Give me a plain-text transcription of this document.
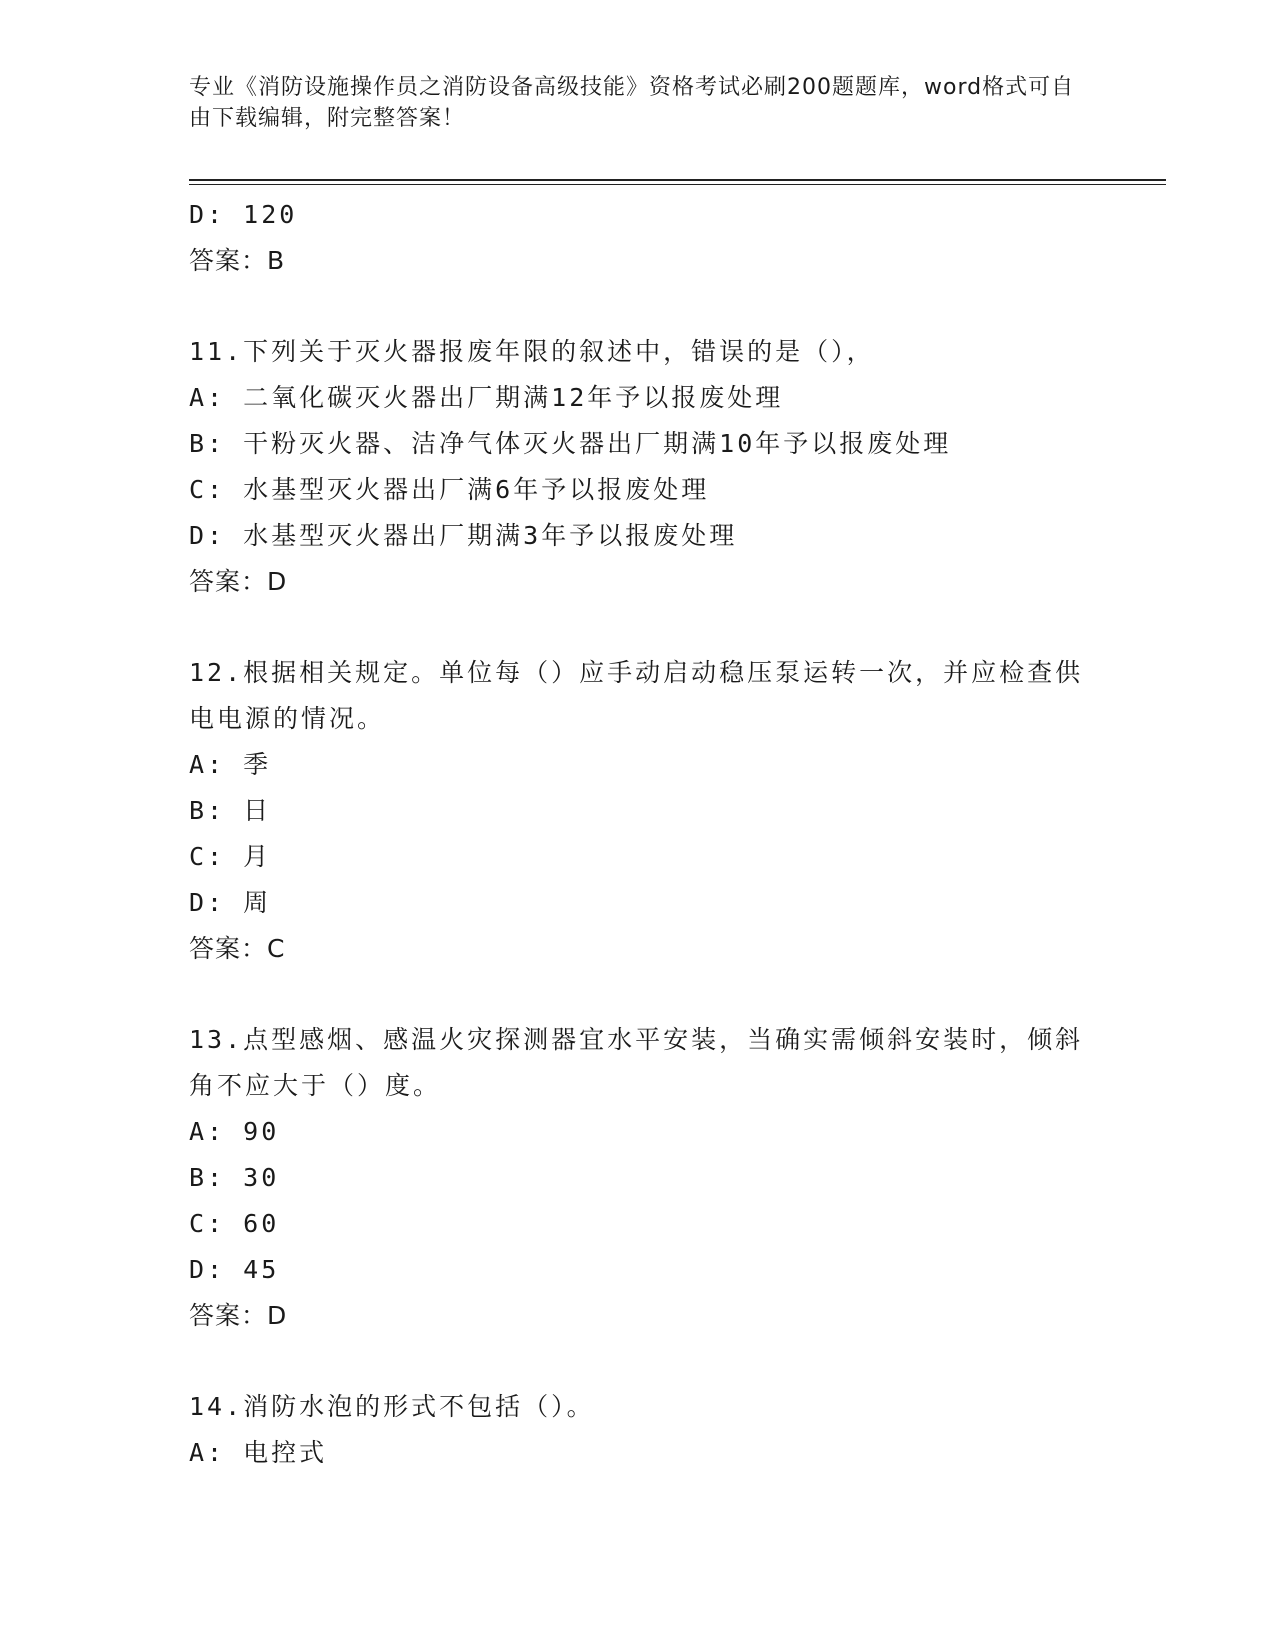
专业《消防设施操作员之消防设备高级技能》资格考试必刷200题题库，word格式可自由下载编辑，附完整答案！
D: 120
答案：B
11.下列关于灭火器报废年限的叙述中，错误的是（），
A: 二氧化碳灭火器出厂期满12年予以报废处理
B: 干粉灭火器、洁净气体灭火器出厂期满10年予以报废处理
C: 水基型灭火器出厂满6年予以报废处理
D: 水基型灭火器出厂期满3年予以报废处理
答案：D
12.根据相关规定。单位每（）应手动启动稳压泵运转一次，并应检查供电电源的情况。
A: 季
B: 日
C: 月
D: 周
答案：C
13.点型感烟、感温火灾探测器宜水平安装，当确实需倾斜安装时，倾斜角不应大于（）度。
A: 90
B: 30
C: 60
D: 45
答案：D
14.消防水泡的形式不包括（）。
A: 电控式
